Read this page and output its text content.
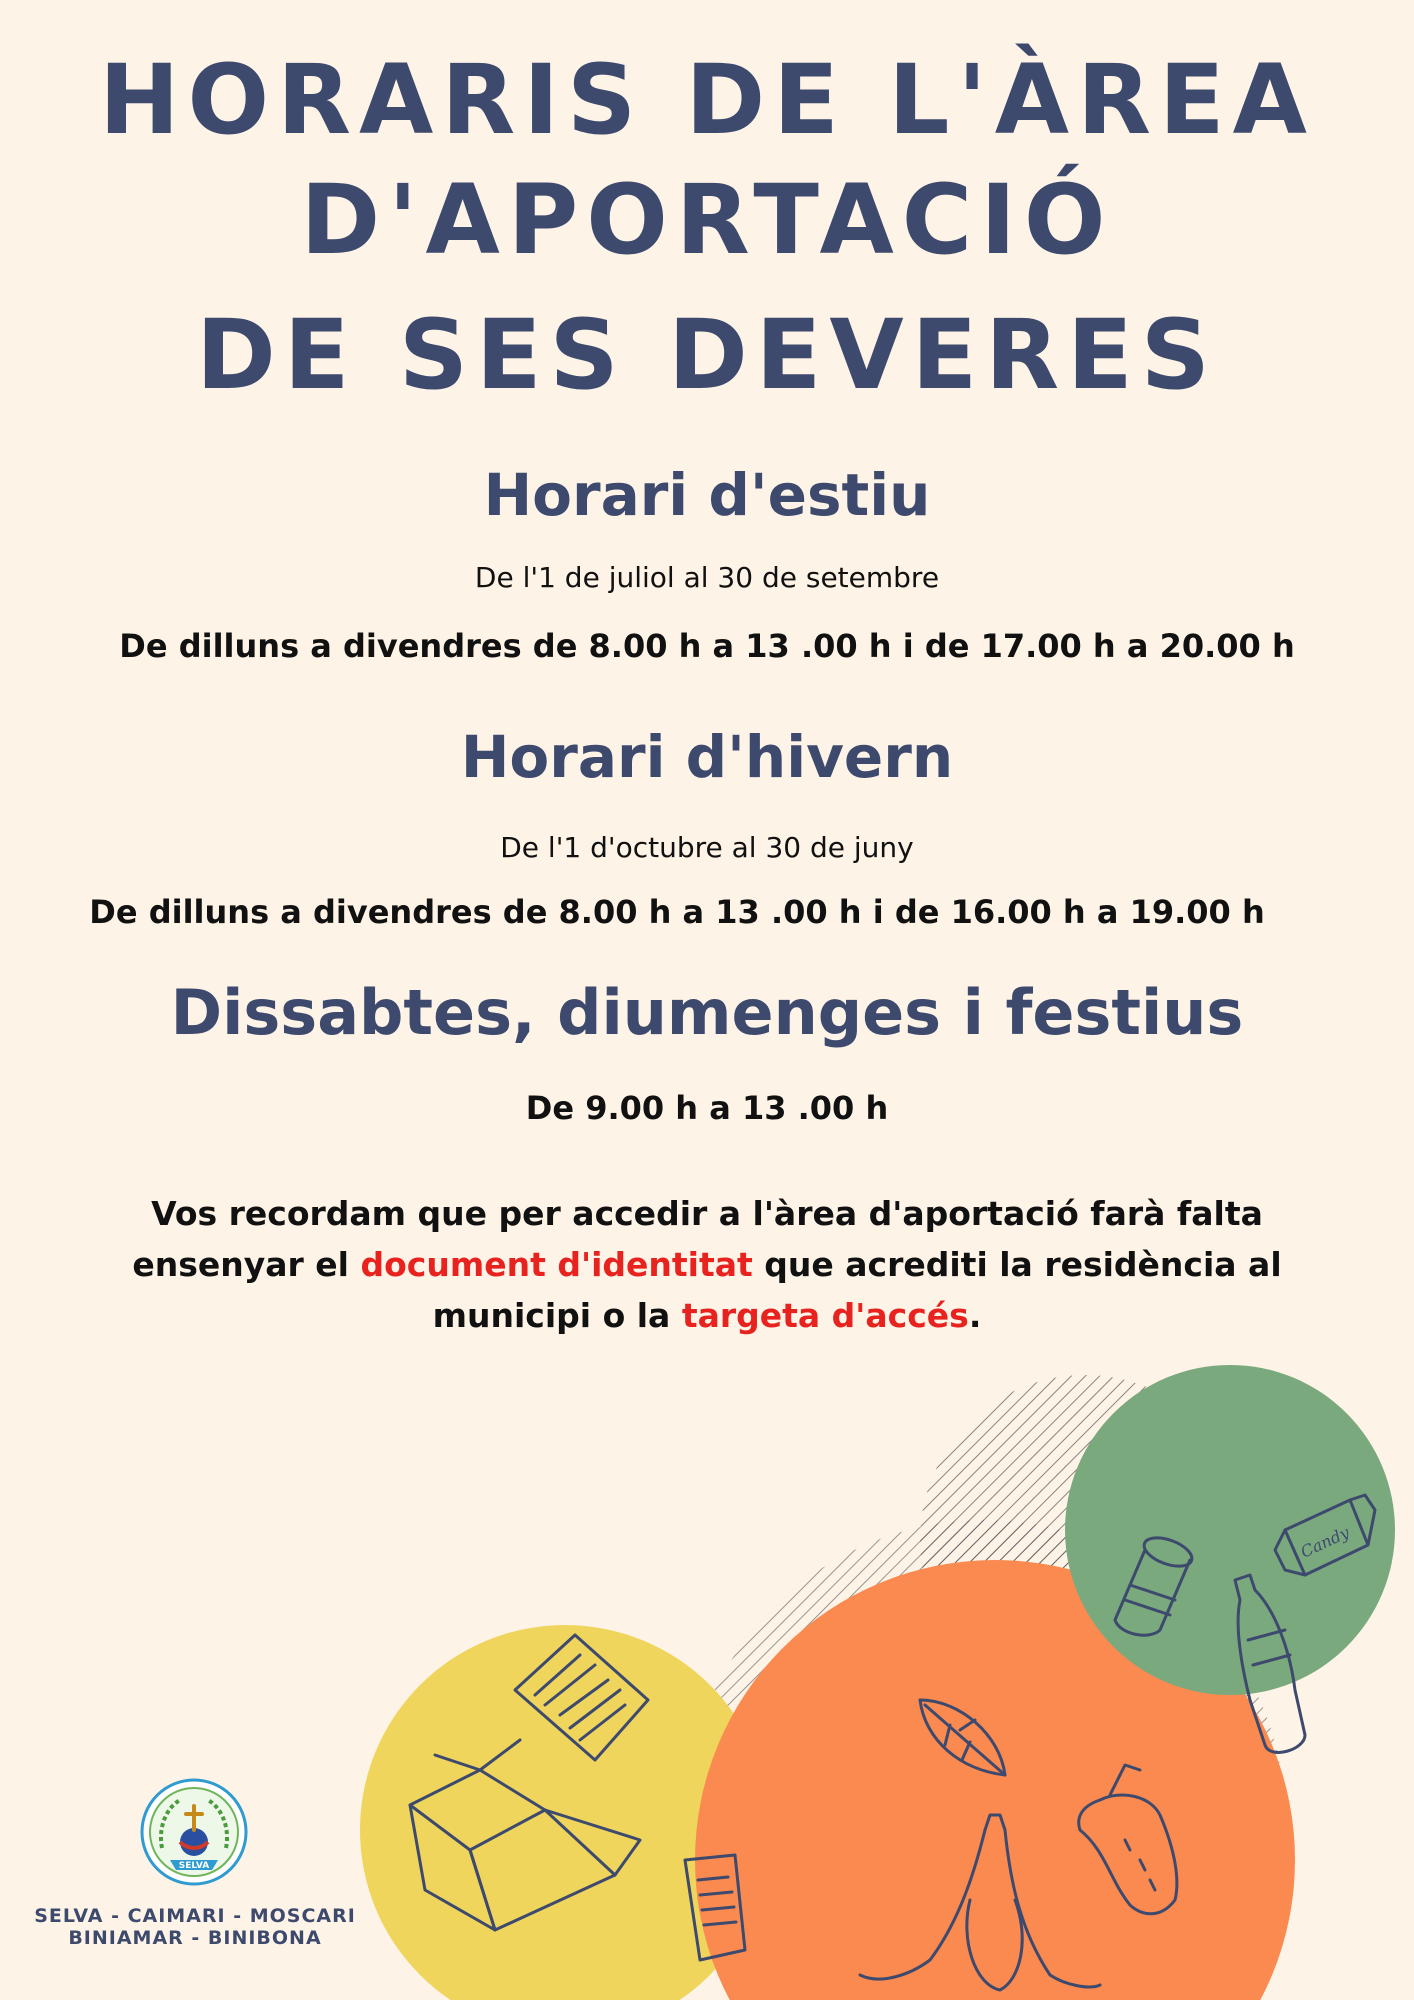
HORARIS DE L'ÀREA
D'APORTACIÓ
DE SES DEVERES
Horari d'estiu
De l'1 de juliol al 30 de setembre
De dilluns a divendres de 8.00 h a 13 .00 h i de 17.00 h a 20.00 h
Horari d'hivern
De l'1 d'octubre al 30 de juny
De dilluns a divendres de 8.00 h a 13 .00 h i de 16.00 h a 19.00 h
Dissabtes, diumenges i festius
De 9.00 h a 13 .00 h
Vos recordam que per accedir a l'àrea d'aportació farà falta ensenyar el document d'identitat que acrediti la residència al municipi o la targeta d'accés.
Candy
SELVA
SELVA - CAIMARI - MOSCARI
BINIAMAR - BINIBONA
